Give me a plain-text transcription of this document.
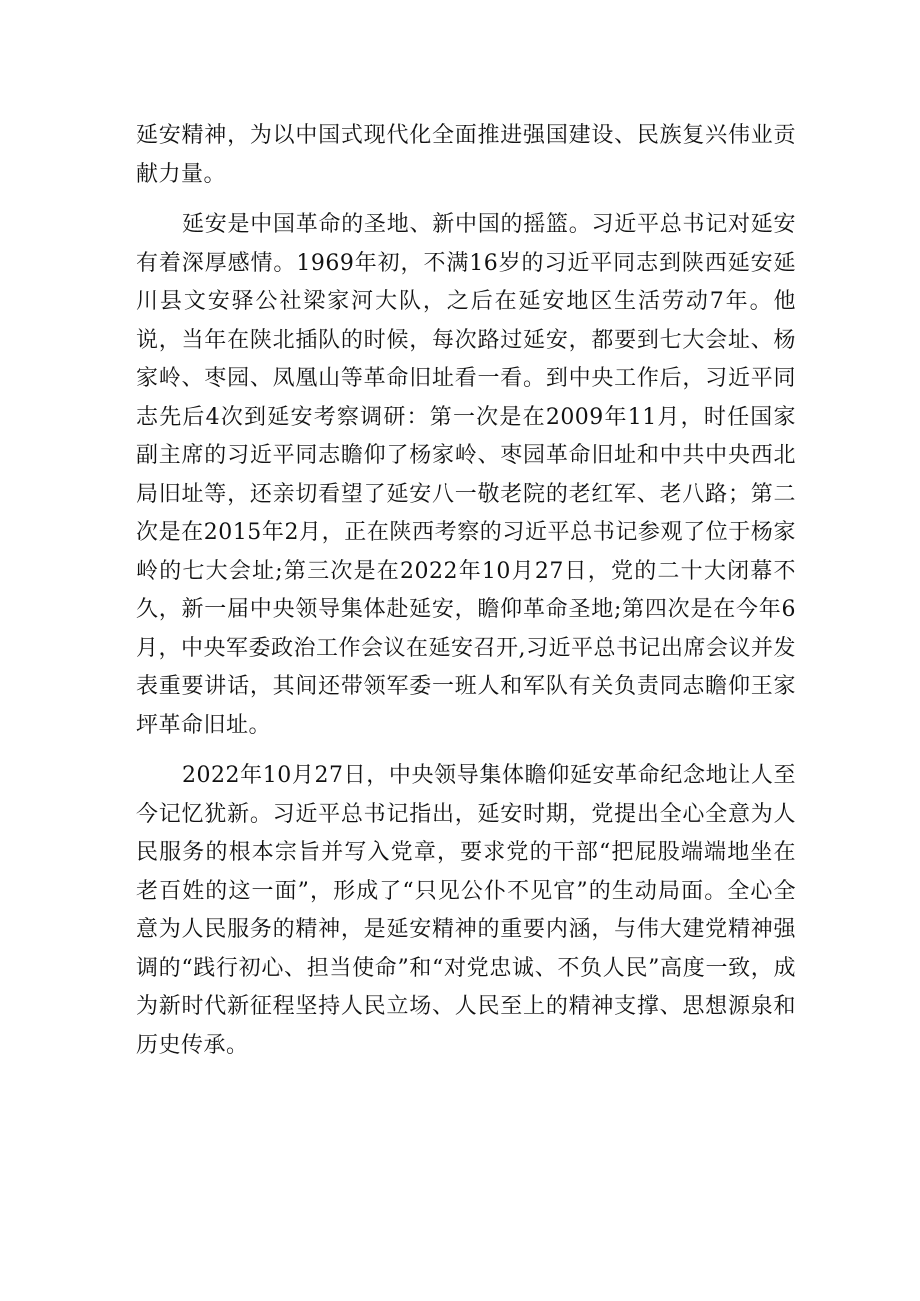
延安精神，为以中国式现代化全面推进强国建设、民族复兴伟业贡献力量。

延安是中国革命的圣地、新中国的摇篮。习近平总书记对延安有着深厚感情。1969年初，不满16岁的习近平同志到陕西延安延川县文安驿公社梁家河大队，之后在延安地区生活劳动7年。他说，当年在陕北插队的时候，每次路过延安，都要到七大会址、杨家岭、枣园、凤凰山等革命旧址看一看。到中央工作后，习近平同志先后4次到延安考察调研：第一次是在2009年11月，时任国家副主席的习近平同志瞻仰了杨家岭、枣园革命旧址和中共中央西北局旧址等，还亲切看望了延安八一敬老院的老红军、老八路；第二次是在2015年2月，正在陕西考察的习近平总书记参观了位于杨家岭的七大会址;第三次是在2022年10月27日，党的二十大闭幕不久，新一届中央领导集体赴延安，瞻仰革命圣地;第四次是在今年6月，中央军委政治工作会议在延安召开,习近平总书记出席会议并发表重要讲话，其间还带领军委一班人和军队有关负责同志瞻仰王家坪革命旧址。

2022年10月27日，中央领导集体瞻仰延安革命纪念地让人至今记忆犹新。习近平总书记指出，延安时期，党提出全心全意为人民服务的根本宗旨并写入党章，要求党的干部“把屁股端端地坐在老百姓的这一面”，形成了“只见公仆不见官”的生动局面。全心全意为人民服务的精神，是延安精神的重要内涵，与伟大建党精神强调的“践行初心、担当使命”和“对党忠诚、不负人民”高度一致，成为新时代新征程坚持人民立场、人民至上的精神支撑、思想源泉和历史传承。
